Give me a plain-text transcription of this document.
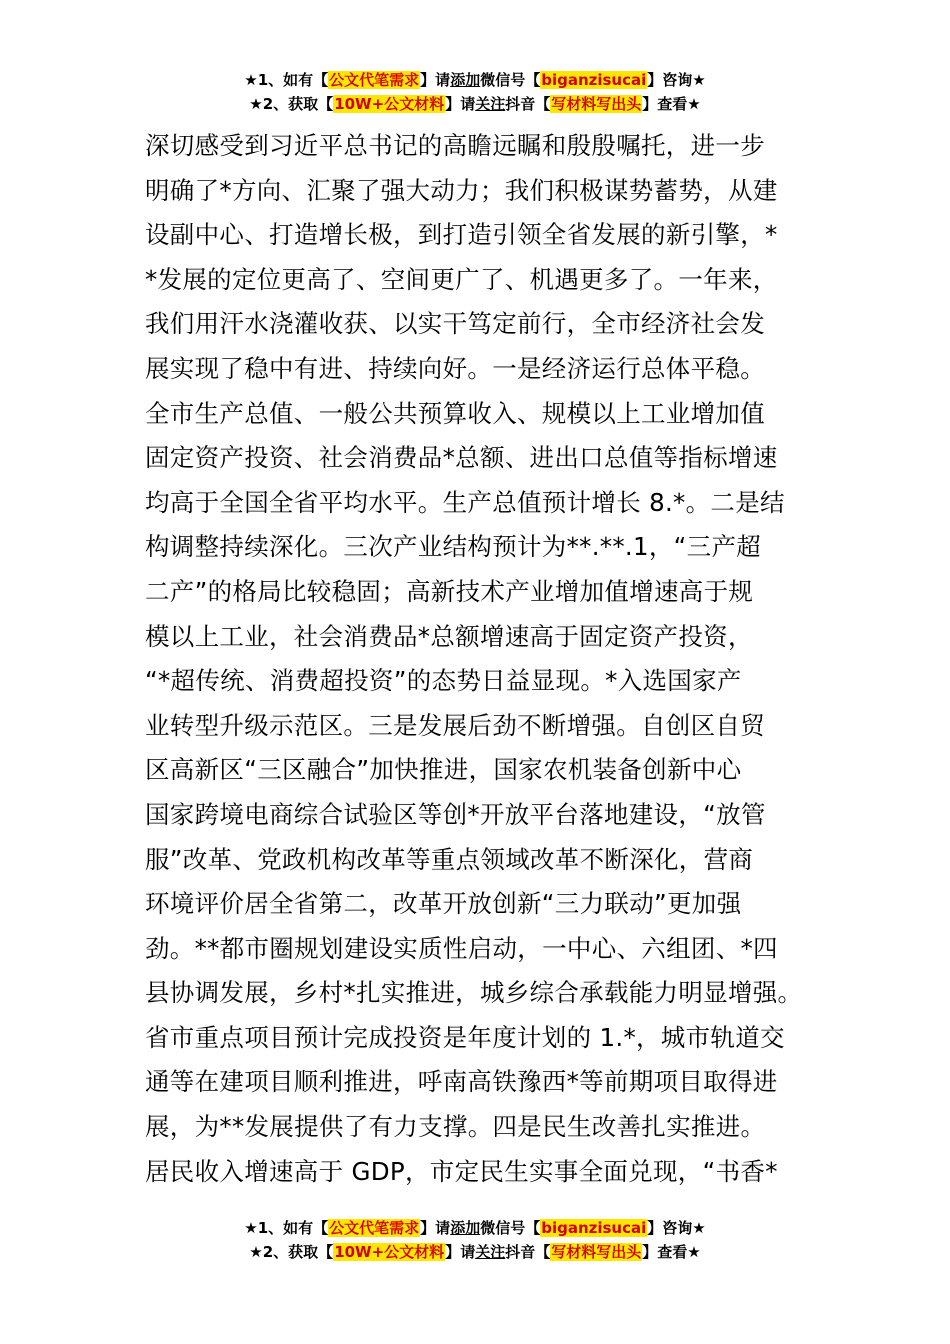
★1、如有【公文代笔需求】请添加微信号【biganzisucai】咨询★
★2、获取【10W+公文材料】请关注抖音【写材料写出头】查看★
深切感受到习近平总书记的高瞻远瞩和殷殷嘱托，进一步
明确了*方向、汇聚了强大动力；我们积极谋势蓄势，从建
设副中心、打造增长极，到打造引领全省发展的新引擎，*
*发展的定位更高了、空间更广了、机遇更多了。一年来，
我们用汗水浇灌收获、以实干笃定前行，全市经济社会发
展实现了稳中有进、持续向好。一是经济运行总体平稳。
全市生产总值、一般公共预算收入、规模以上工业增加值
固定资产投资、社会消费品*总额、进出口总值等指标增速
均高于全国全省平均水平。生产总值预计增长 8.*。二是结
构调整持续深化。三次产业结构预计为**.**.1，“三产超
二产”的格局比较稳固；高新技术产业增加值增速高于规
模以上工业，社会消费品*总额增速高于固定资产投资，
“*超传统、消费超投资”的态势日益显现。*入选国家产
业转型升级示范区。三是发展后劲不断增强。自创区自贸
区高新区“三区融合”加快推进，国家农机装备创新中心
国家跨境电商综合试验区等创*开放平台落地建设，“放管
服”改革、党政机构改革等重点领域改革不断深化，营商
环境评价居全省第二，改革开放创新“三力联动”更加强
劲。**都市圈规划建设实质性启动，一中心、六组团、*四
县协调发展，乡村*扎实推进，城乡综合承载能力明显增强。
省市重点项目预计完成投资是年度计划的 1.*，城市轨道交
通等在建项目顺利推进，呼南高铁豫西*等前期项目取得进
展，为**发展提供了有力支撑。四是民生改善扎实推进。
居民收入增速高于 GDP，市定民生实事全面兑现，“书香*
★1、如有【公文代笔需求】请添加微信号【biganzisucai】咨询★
★2、获取【10W+公文材料】请关注抖音【写材料写出头】查看★
